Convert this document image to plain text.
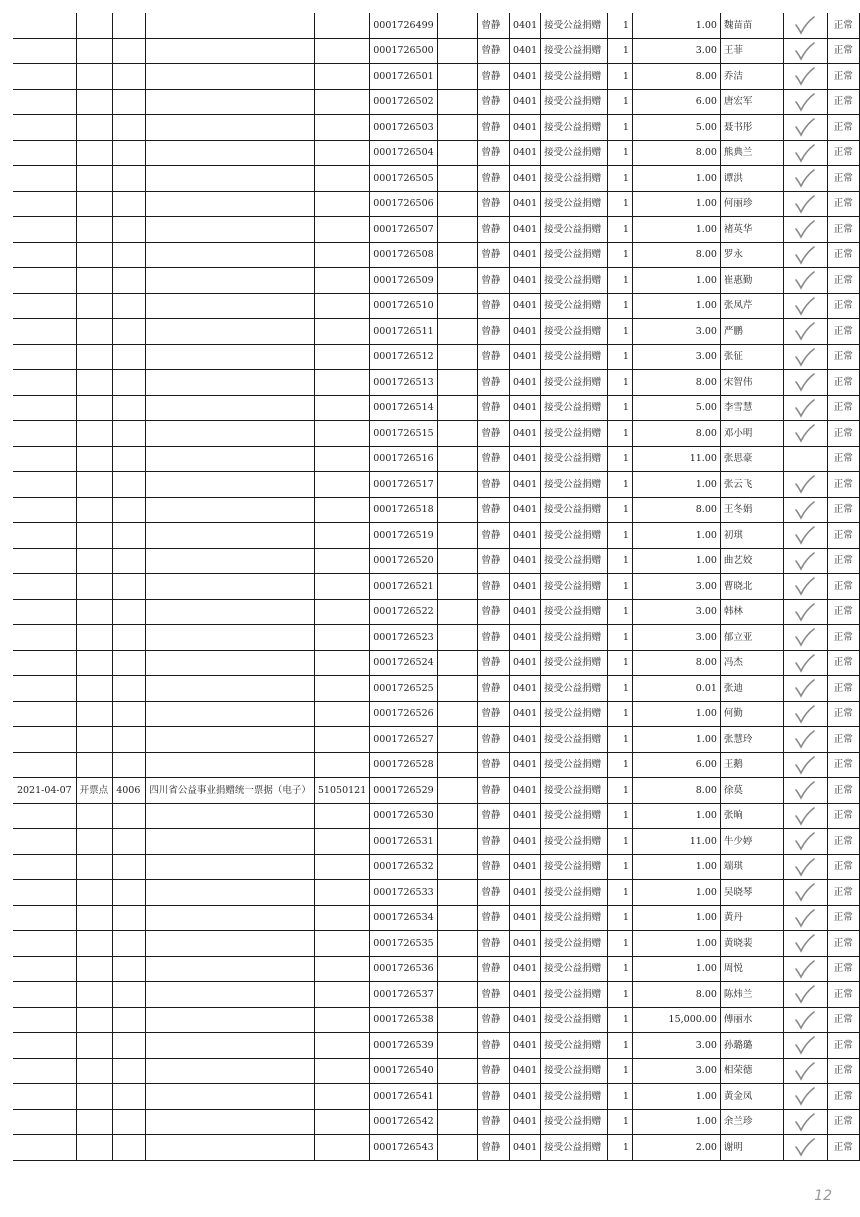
					0001726499		曾静	0401	接受公益捐赠	1	1.00	魏苗苗		正常
					0001726500		曾静	0401	接受公益捐赠	1	3.00	王菲		正常
					0001726501		曾静	0401	接受公益捐赠	1	8.00	乔洁		正常
					0001726502		曾静	0401	接受公益捐赠	1	6.00	唐宏军		正常
					0001726503		曾静	0401	接受公益捐赠	1	5.00	聂书彤		正常
					0001726504		曾静	0401	接受公益捐赠	1	8.00	熊典兰		正常
					0001726505		曾静	0401	接受公益捐赠	1	1.00	谭洪		正常
					0001726506		曾静	0401	接受公益捐赠	1	1.00	何丽珍		正常
					0001726507		曾静	0401	接受公益捐赠	1	1.00	褚英华		正常
					0001726508		曾静	0401	接受公益捐赠	1	8.00	罗永		正常
					0001726509		曾静	0401	接受公益捐赠	1	1.00	崔惠勤		正常
					0001726510		曾静	0401	接受公益捐赠	1	1.00	张凤芹		正常
					0001726511		曾静	0401	接受公益捐赠	1	3.00	严鹏		正常
					0001726512		曾静	0401	接受公益捐赠	1	3.00	张征		正常
					0001726513		曾静	0401	接受公益捐赠	1	8.00	宋智伟		正常
					0001726514		曾静	0401	接受公益捐赠	1	5.00	李雪慧		正常
					0001726515		曾静	0401	接受公益捐赠	1	8.00	邓小明		正常
					0001726516		曾静	0401	接受公益捐赠	1	11.00	张思豪		正常
					0001726517		曾静	0401	接受公益捐赠	1	1.00	张云飞		正常
					0001726518		曾静	0401	接受公益捐赠	1	8.00	王冬娟		正常
					0001726519		曾静	0401	接受公益捐赠	1	1.00	初琪		正常
					0001726520		曾静	0401	接受公益捐赠	1	1.00	曲艺姣		正常
					0001726521		曾静	0401	接受公益捐赠	1	3.00	曹晓北		正常
					0001726522		曾静	0401	接受公益捐赠	1	3.00	韩林		正常
					0001726523		曾静	0401	接受公益捐赠	1	3.00	郁立亚		正常
					0001726524		曾静	0401	接受公益捐赠	1	8.00	冯杰		正常
					0001726525		曾静	0401	接受公益捐赠	1	0.01	张迪		正常
					0001726526		曾静	0401	接受公益捐赠	1	1.00	何勤		正常
					0001726527		曾静	0401	接受公益捐赠	1	1.00	张慧玲		正常
					0001726528		曾静	0401	接受公益捐赠	1	6.00	王鹅		正常
2021-04-07	开票点	4006	四川省公益事业捐赠统一票据（电子）	51050121	0001726529		曾静	0401	接受公益捐赠	1	8.00	徐莫		正常
					0001726530		曾静	0401	接受公益捐赠	1	1.00	张晌		正常
					0001726531		曾静	0401	接受公益捐赠	1	11.00	牛少婷		正常
					0001726532		曾静	0401	接受公益捐赠	1	1.00	端琪		正常
					0001726533		曾静	0401	接受公益捐赠	1	1.00	吴晓琴		正常
					0001726534		曾静	0401	接受公益捐赠	1	1.00	黄丹		正常
					0001726535		曾静	0401	接受公益捐赠	1	1.00	黄晓裴		正常
					0001726536		曾静	0401	接受公益捐赠	1	1.00	周悦		正常
					0001726537		曾静	0401	接受公益捐赠	1	8.00	陈炜兰		正常
					0001726538		曾静	0401	接受公益捐赠	1	15,000.00	傅丽水		正常
					0001726539		曾静	0401	接受公益捐赠	1	3.00	孙璐璐		正常
					0001726540		曾静	0401	接受公益捐赠	1	3.00	相荣德		正常
					0001726541		曾静	0401	接受公益捐赠	1	1.00	黄金凤		正常
					0001726542		曾静	0401	接受公益捐赠	1	1.00	余兰珍		正常
					0001726543		曾静	0401	接受公益捐赠	1	2.00	谢明		正常
12
